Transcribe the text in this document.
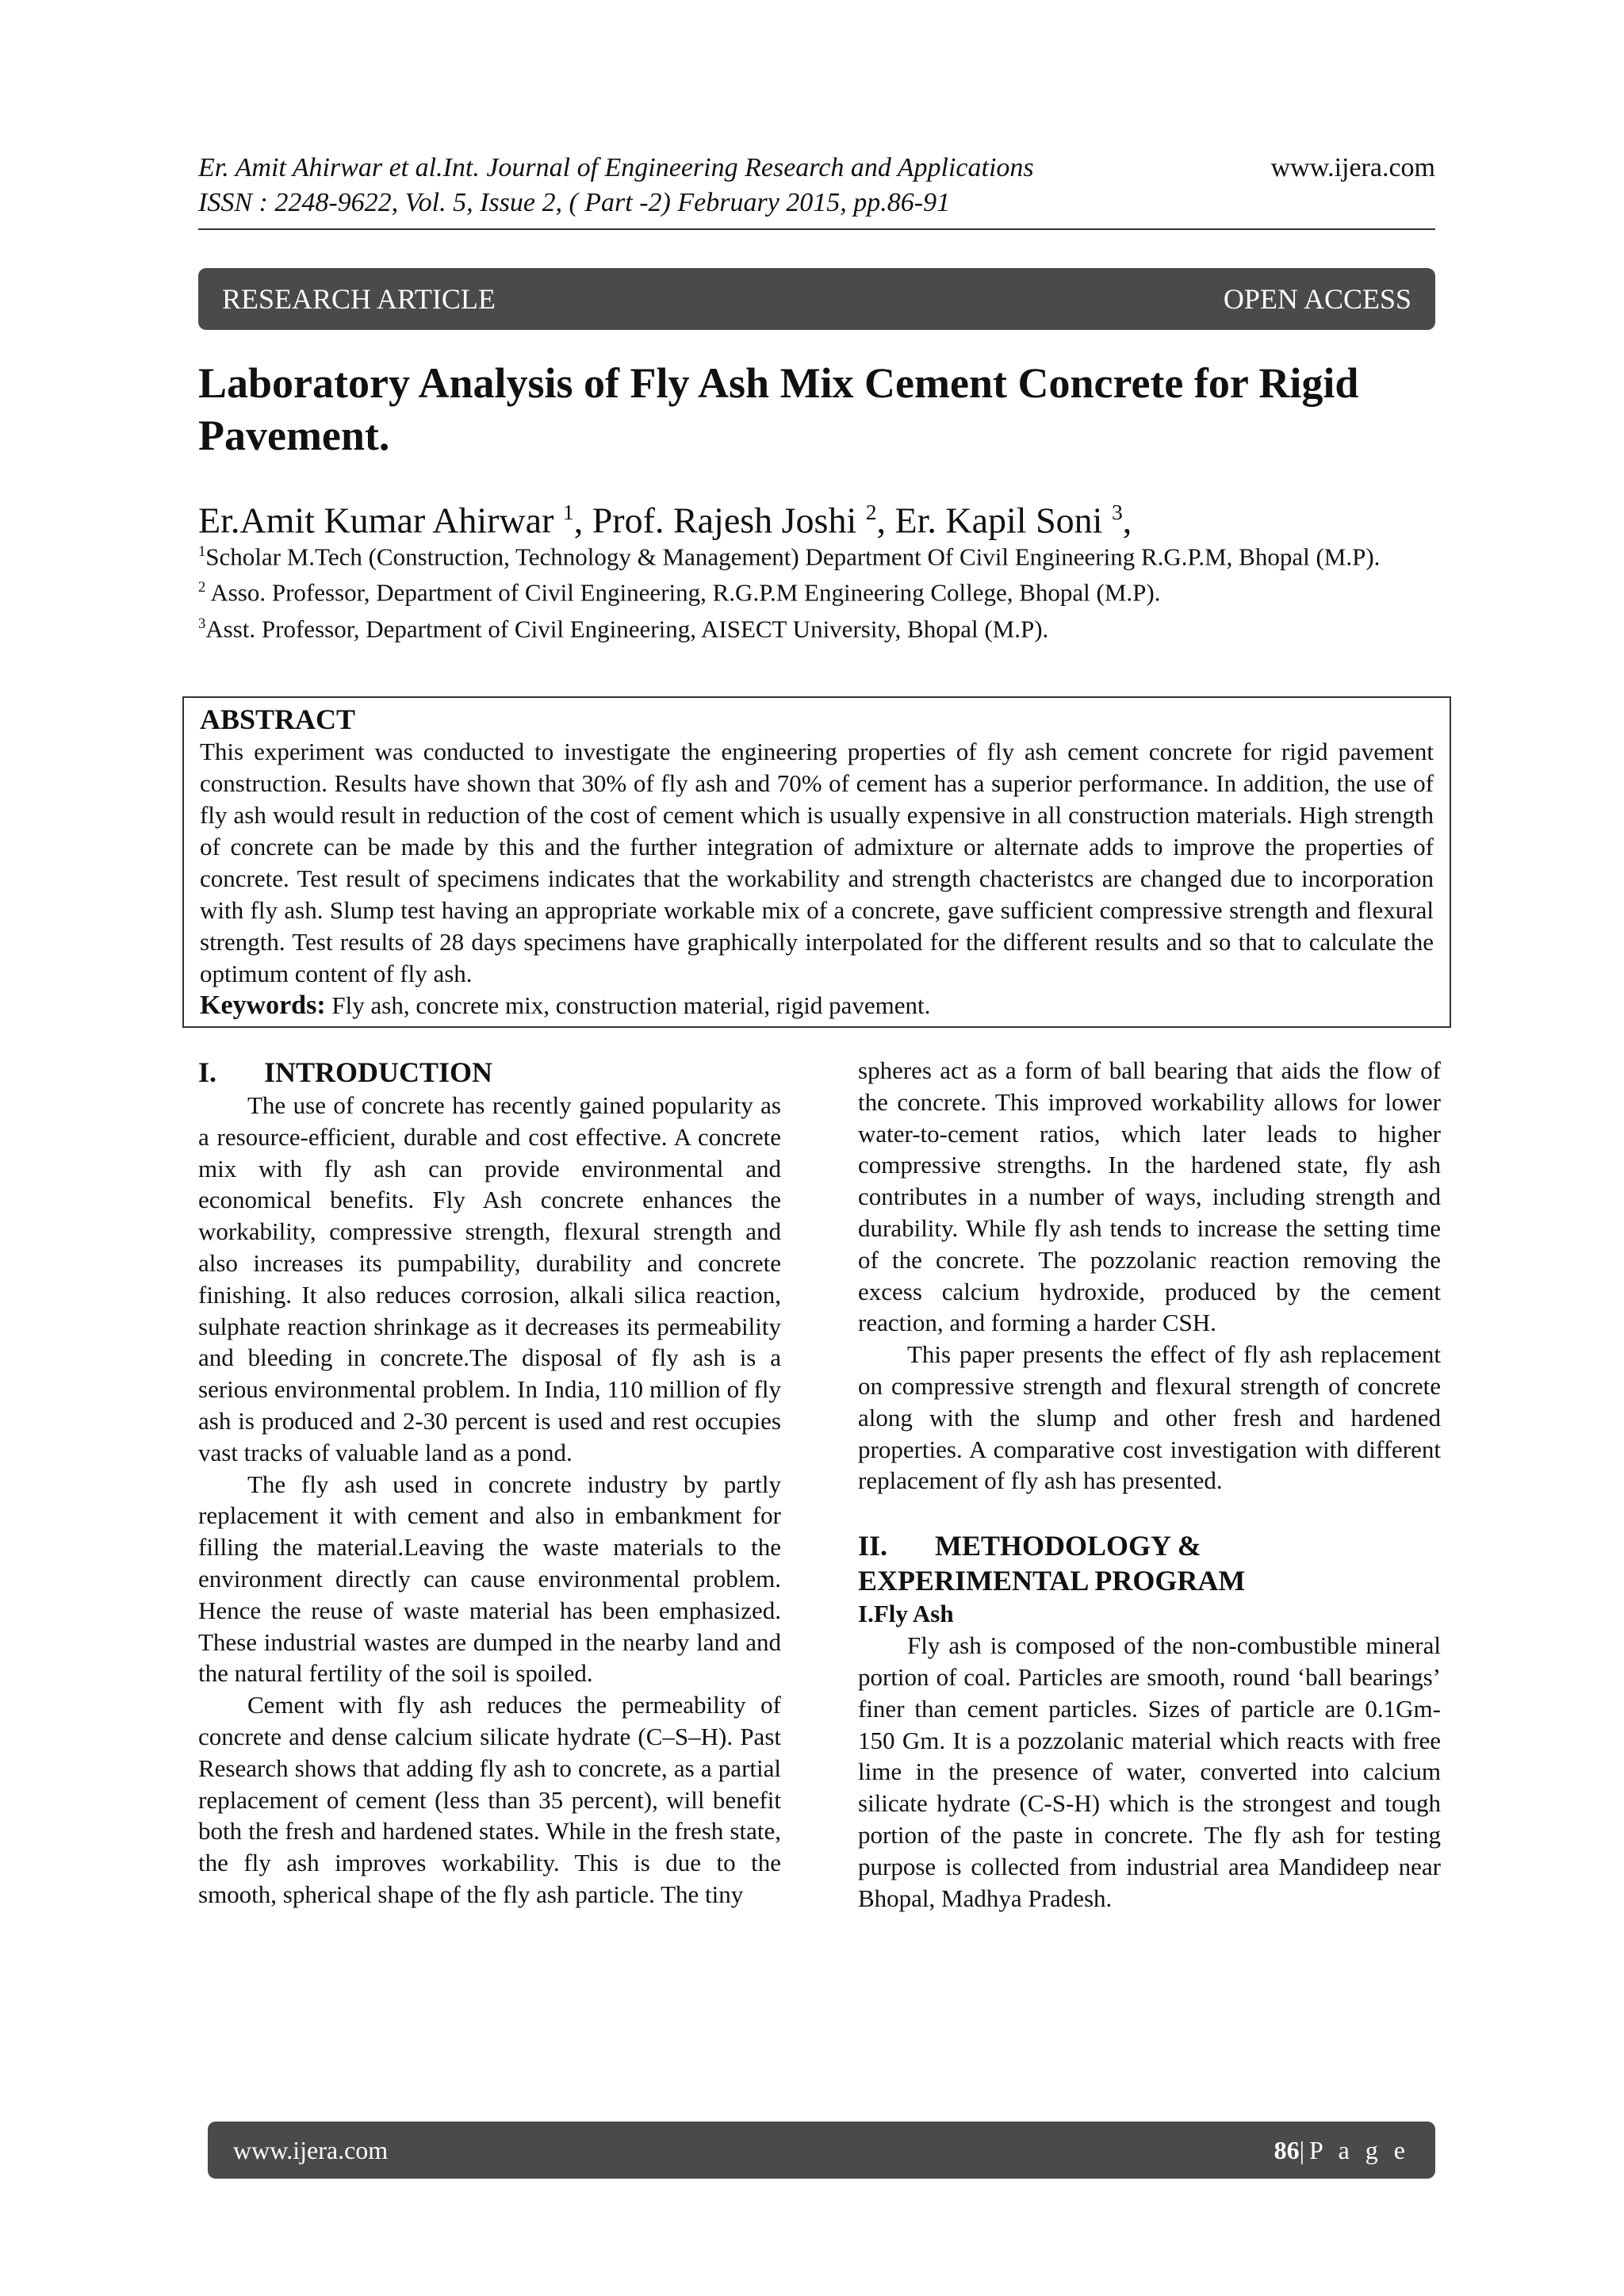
Er. Amit Ahirwar et al.Int. Journal of Engineering Research and Applications
ISSN : 2248-9622, Vol. 5, Issue 2, ( Part -2) February 2015, pp.86-91
www.ijera.com
RESEARCH ARTICLE	OPEN ACCESS
Laboratory Analysis of Fly Ash Mix Cement Concrete for Rigid Pavement.
Er.Amit Kumar Ahirwar $^1$, Prof. Rajesh Joshi $^2$, Er. Kapil Soni $^3$,

$^1$Scholar M.Tech (Construction, Technology & Management) Department Of Civil Engineering R.G.P.M, Bhopal (M.P).

$^2$ Asso. Professor, Department of Civil Engineering, R.G.P.M Engineering College, Bhopal (M.P).

$^3$Asst. Professor, Department of Civil Engineering, AISECT University, Bhopal (M.P).

ABSTRACT

This experiment was conducted to investigate the engineering properties of fly ash cement concrete for rigid pavement construction. Results have shown that 30% of fly ash and 70% of cement has a superior performance. In addition, the use of fly ash would result in reduction of the cost of cement which is usually expensive in all construction materials. High strength of concrete can be made by this and the further integration of admixture or alternate adds to improve the properties of concrete. Test result of specimens indicates that the workability and strength chacteristcs are changed due to incorporation with fly ash. Slump test having an appropriate workable mix of a concrete, gave sufficient compressive strength and flexural strength. Test results of 28 days specimens have graphically interpolated for the different results and so that to calculate the optimum content of fly ash.

Keywords: Fly ash, concrete mix, construction material, rigid pavement.

I. INTRODUCTION

The use of concrete has recently gained popularity as a resource-efficient, durable and cost effective. A concrete mix with fly ash can provide environmental and economical benefits. Fly Ash concrete enhances the workability, compressive strength, flexural strength and also increases its pumpability, durability and concrete finishing. It also reduces corrosion, alkali silica reaction, sulphate reaction shrinkage as it decreases its permeability and bleeding in concrete.The disposal of fly ash is a serious environmental problem. In India, 110 million of fly ash is produced and 2-30 percent is used and rest occupies vast tracks of valuable land as a pond.

The fly ash used in concrete industry by partly replacement it with cement and also in embankment for filling the material.Leaving the waste materials to the environment directly can cause environmental problem. Hence the reuse of waste material has been emphasized. These industrial wastes are dumped in the nearby land and the natural fertility of the soil is spoiled.

Cement with fly ash reduces the permeability of concrete and dense calcium silicate hydrate (C–S–H). Past Research shows that adding fly ash to concrete, as a partial replacement of cement (less than 35 percent), will benefit both the fresh and hardened states. While in the fresh state, the fly ash improves workability. This is due to the smooth, spherical shape of the fly ash particle. The tiny

spheres act as a form of ball bearing that aids the flow of the concrete. This improved workability allows for lower water-to-cement ratios, which later leads to higher compressive strengths. In the hardened state, fly ash contributes in a number of ways, including strength and durability. While fly ash tends to increase the setting time of the concrete. The pozzolanic reaction removing the excess calcium hydroxide, produced by the cement reaction, and forming a harder CSH.

This paper presents the effect of fly ash replacement on compressive strength and flexural strength of concrete along with the slump and other fresh and hardened properties. A comparative cost investigation with different replacement of fly ash has presented.

II. METHODOLOGY &

EXPERIMENTAL PROGRAM

I.Fly Ash

Fly ash is composed of the non-combustible mineral portion of coal. Particles are smooth, round ‘ball bearings’ finer than cement particles. Sizes of particle are 0.1Gm-150 Gm. It is a pozzolanic material which reacts with free lime in the presence of water, converted into calcium silicate hydrate (C-S-H) which is the strongest and tough portion of the paste in concrete. The fly ash for testing purpose is collected from industrial area Mandideep near Bhopal, Madhya Pradesh.

www.ijera.com	86|P a g e
